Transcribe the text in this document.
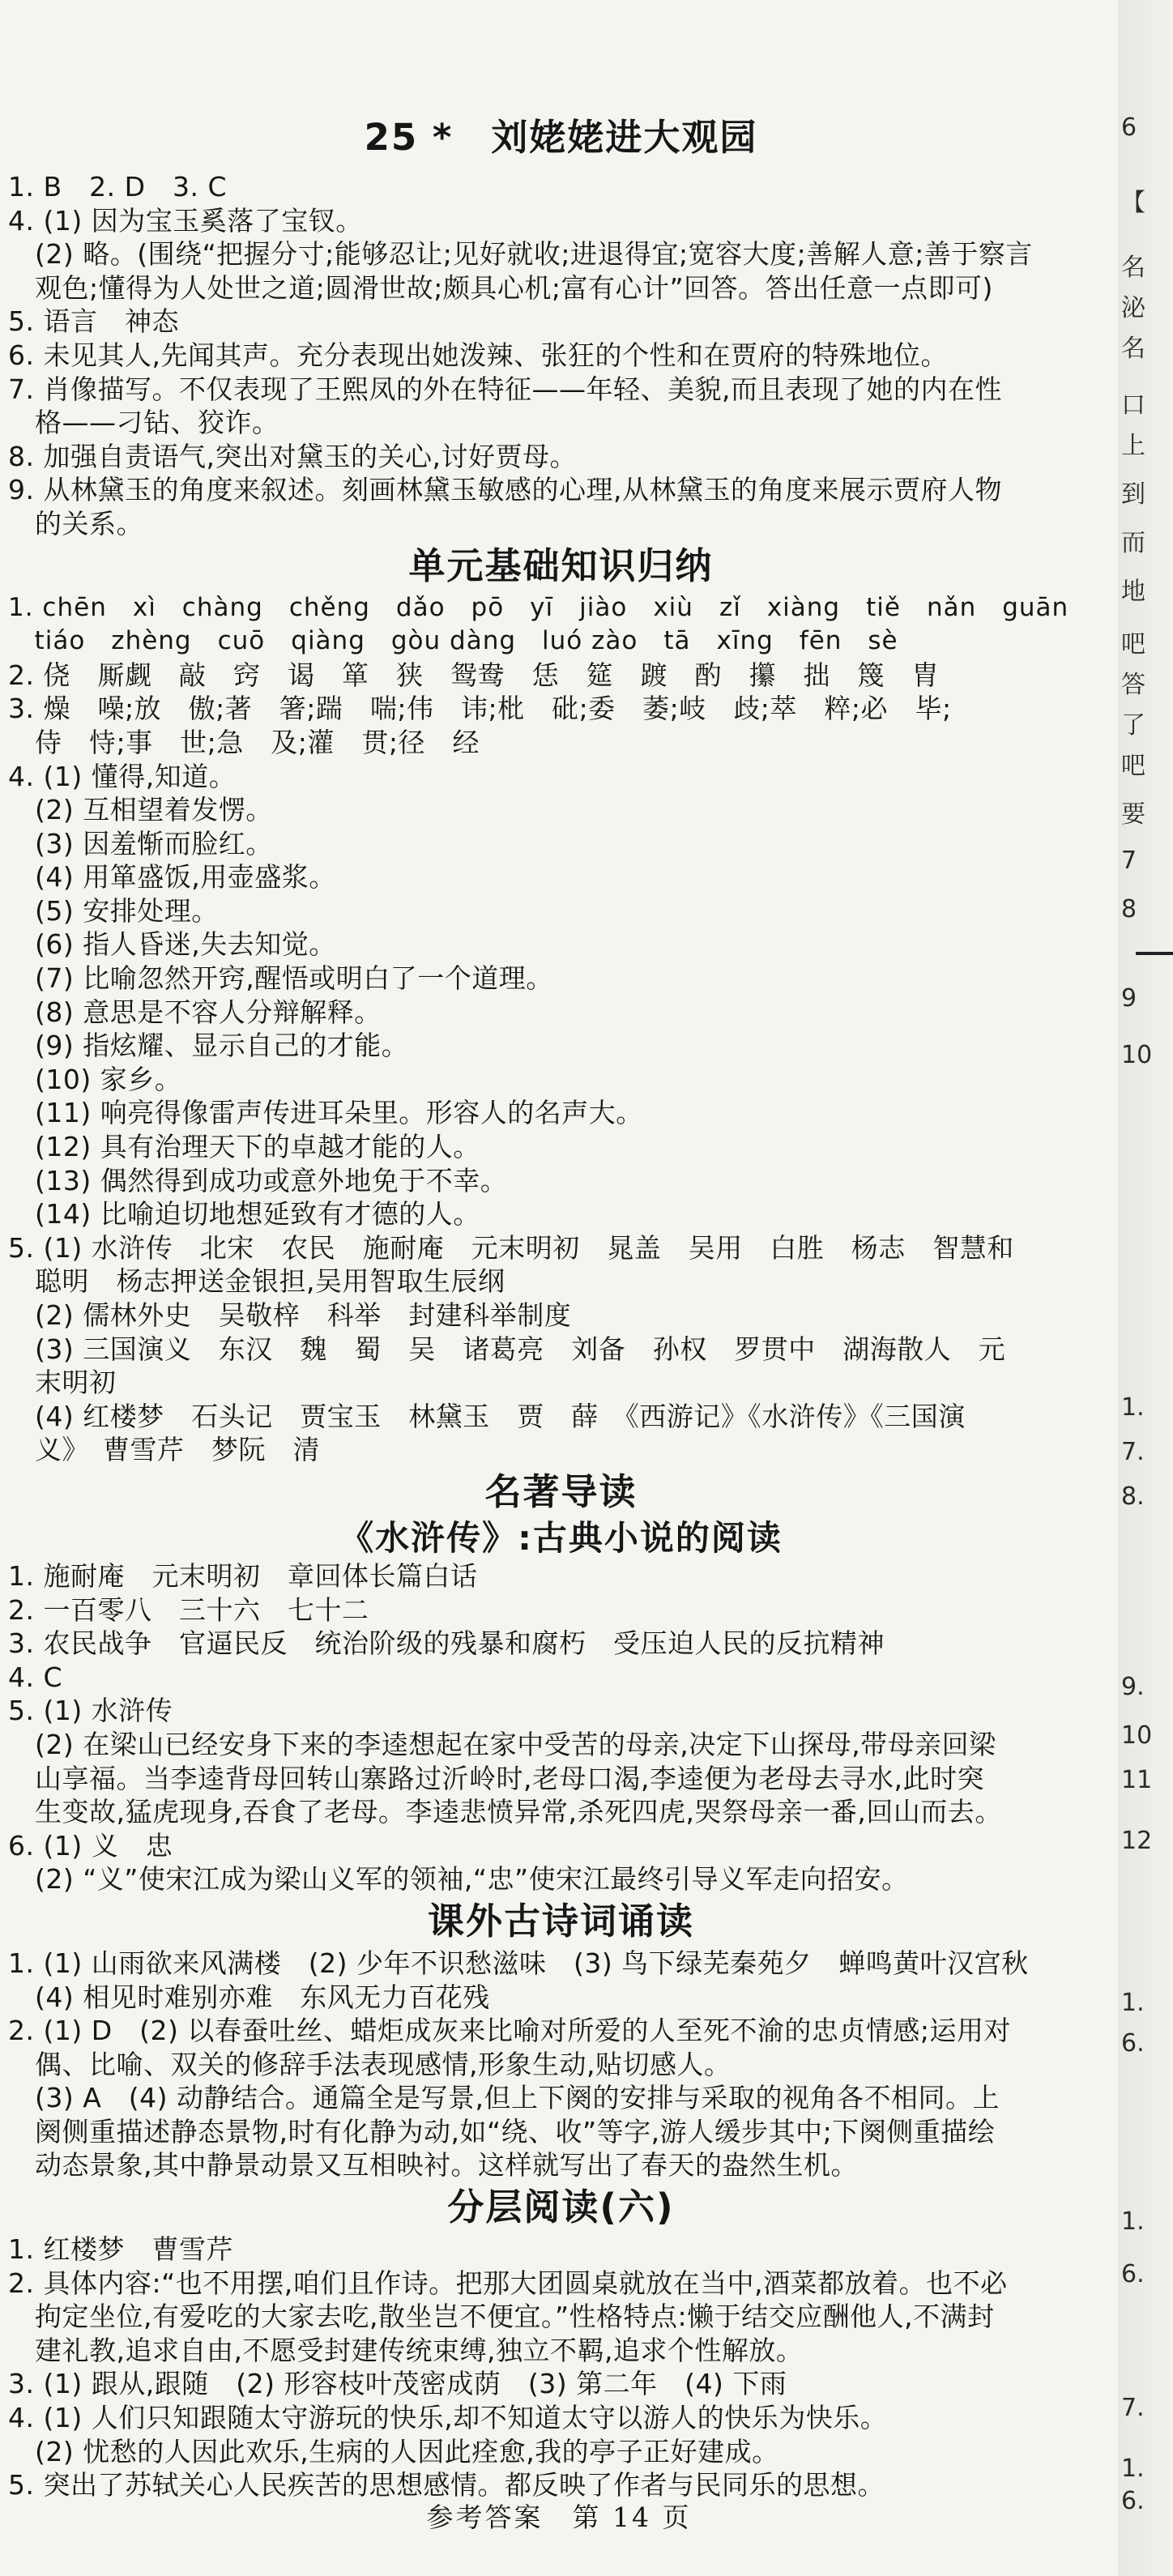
25 *　刘姥姥进大观园
1. B　2. D　3. C
4. (1) 因为宝玉奚落了宝钗。
(2) 略。(围绕“把握分寸;能够忍让;见好就收;进退得宜;宽容大度;善解人意;善于察言
观色;懂得为人处世之道;圆滑世故;颇具心机;富有心计”回答。答出任意一点即可)
5. 语言　神态
6. 未见其人,先闻其声。充分表现出她泼辣、张狂的个性和在贾府的特殊地位。
7. 肖像描写。不仅表现了王熙凤的外在特征——年轻、美貌,而且表现了她的内在性
格——刁钻、狡诈。
8. 加强自责语气,突出对黛玉的关心,讨好贾母。
9. 从林黛玉的角度来叙述。刻画林黛玉敏感的心理,从林黛玉的角度来展示贾府人物
的关系。
单元基础知识归纳
1. chēn　xì　chàng　chěng　dǎo　pō　yī　jiào　xiù　zǐ　xiàng　tiě　nǎn　guān
tiáo　zhèng　cuō　qiàng　gòu dàng　luó zào　tā　xīng　fēn　sè
2. 侥　厮觑　敲　窍　谒　箪　狭　鸳鸯　恁　筵　踱　酌　攥　拙　篾　胄
3. 燥　噪;放　傲;著　箸;踹　喘;伟　讳;枇　砒;委　萎;岐　歧;萃　粹;必　毕;
侍　恃;事　世;急　及;灌　贯;径　经
4. (1) 懂得,知道。
(2) 互相望着发愣。
(3) 因羞惭而脸红。
(4) 用箪盛饭,用壶盛浆。
(5) 安排处理。
(6) 指人昏迷,失去知觉。
(7) 比喻忽然开窍,醒悟或明白了一个道理。
(8) 意思是不容人分辩解释。
(9) 指炫耀、显示自己的才能。
(10) 家乡。
(11) 响亮得像雷声传进耳朵里。形容人的名声大。
(12) 具有治理天下的卓越才能的人。
(13) 偶然得到成功或意外地免于不幸。
(14) 比喻迫切地想延致有才德的人。
5. (1) 水浒传　北宋　农民　施耐庵　元末明初　晁盖　吴用　白胜　杨志　智慧和
聪明　杨志押送金银担,吴用智取生辰纲
(2) 儒林外史　吴敬梓　科举　封建科举制度
(3) 三国演义　东汉　魏　蜀　吴　诸葛亮　刘备　孙权　罗贯中　湖海散人　元
末明初
(4) 红楼梦　石头记　贾宝玉　林黛玉　贾　薛　《西游记》《水浒传》《三国演
义》　曹雪芹　梦阮　清
名著导读
《水浒传》:古典小说的阅读
1. 施耐庵　元末明初　章回体长篇白话
2. 一百零八　三十六　七十二
3. 农民战争　官逼民反　统治阶级的残暴和腐朽　受压迫人民的反抗精神
4. C
5. (1) 水浒传
(2) 在梁山已经安身下来的李逵想起在家中受苦的母亲,决定下山探母,带母亲回梁
山享福。当李逵背母回转山寨路过沂岭时,老母口渴,李逵便为老母去寻水,此时突
生变故,猛虎现身,吞食了老母。李逵悲愤异常,杀死四虎,哭祭母亲一番,回山而去。
6. (1) 义　忠
(2) “义”使宋江成为梁山义军的领袖,“忠”使宋江最终引导义军走向招安。
课外古诗词诵读
1. (1) 山雨欲来风满楼　(2) 少年不识愁滋味　(3) 鸟下绿芜秦苑夕　蝉鸣黄叶汉宫秋
(4) 相见时难别亦难　东风无力百花残
2. (1) D　(2) 以春蚕吐丝、蜡炬成灰来比喻对所爱的人至死不渝的忠贞情感;运用对
偶、比喻、双关的修辞手法表现感情,形象生动,贴切感人。
(3) A　(4) 动静结合。通篇全是写景,但上下阕的安排与采取的视角各不相同。上
阕侧重描述静态景物,时有化静为动,如“绕、收”等字,游人缓步其中;下阕侧重描绘
动态景象,其中静景动景又互相映衬。这样就写出了春天的盎然生机。
分层阅读(六)
1. 红楼梦　曹雪芹
2. 具体内容:“也不用摆,咱们且作诗。把那大团圆桌就放在当中,酒菜都放着。也不必
拘定坐位,有爱吃的大家去吃,散坐岂不便宜。”性格特点:懒于结交应酬他人,不满封
建礼教,追求自由,不愿受封建传统束缚,独立不羁,追求个性解放。
3. (1) 跟从,跟随　(2) 形容枝叶茂密成荫　(3) 第二年　(4) 下雨
4. (1) 人们只知跟随太守游玩的快乐,却不知道太守以游人的快乐为快乐。
(2) 忧愁的人因此欢乐,生病的人因此痊愈,我的亭子正好建成。
5. 突出了苏轼关心人民疾苦的思想感情。都反映了作者与民同乐的思想。
参考答案　第 14 页
6
【
名
泌
名
口
上
到
而
地
吧
答
了
吧
要
7
8
9
10
1.
7.
8.
9.
10
11
12
1.
6.
1.
6.
7.
1.
6.
